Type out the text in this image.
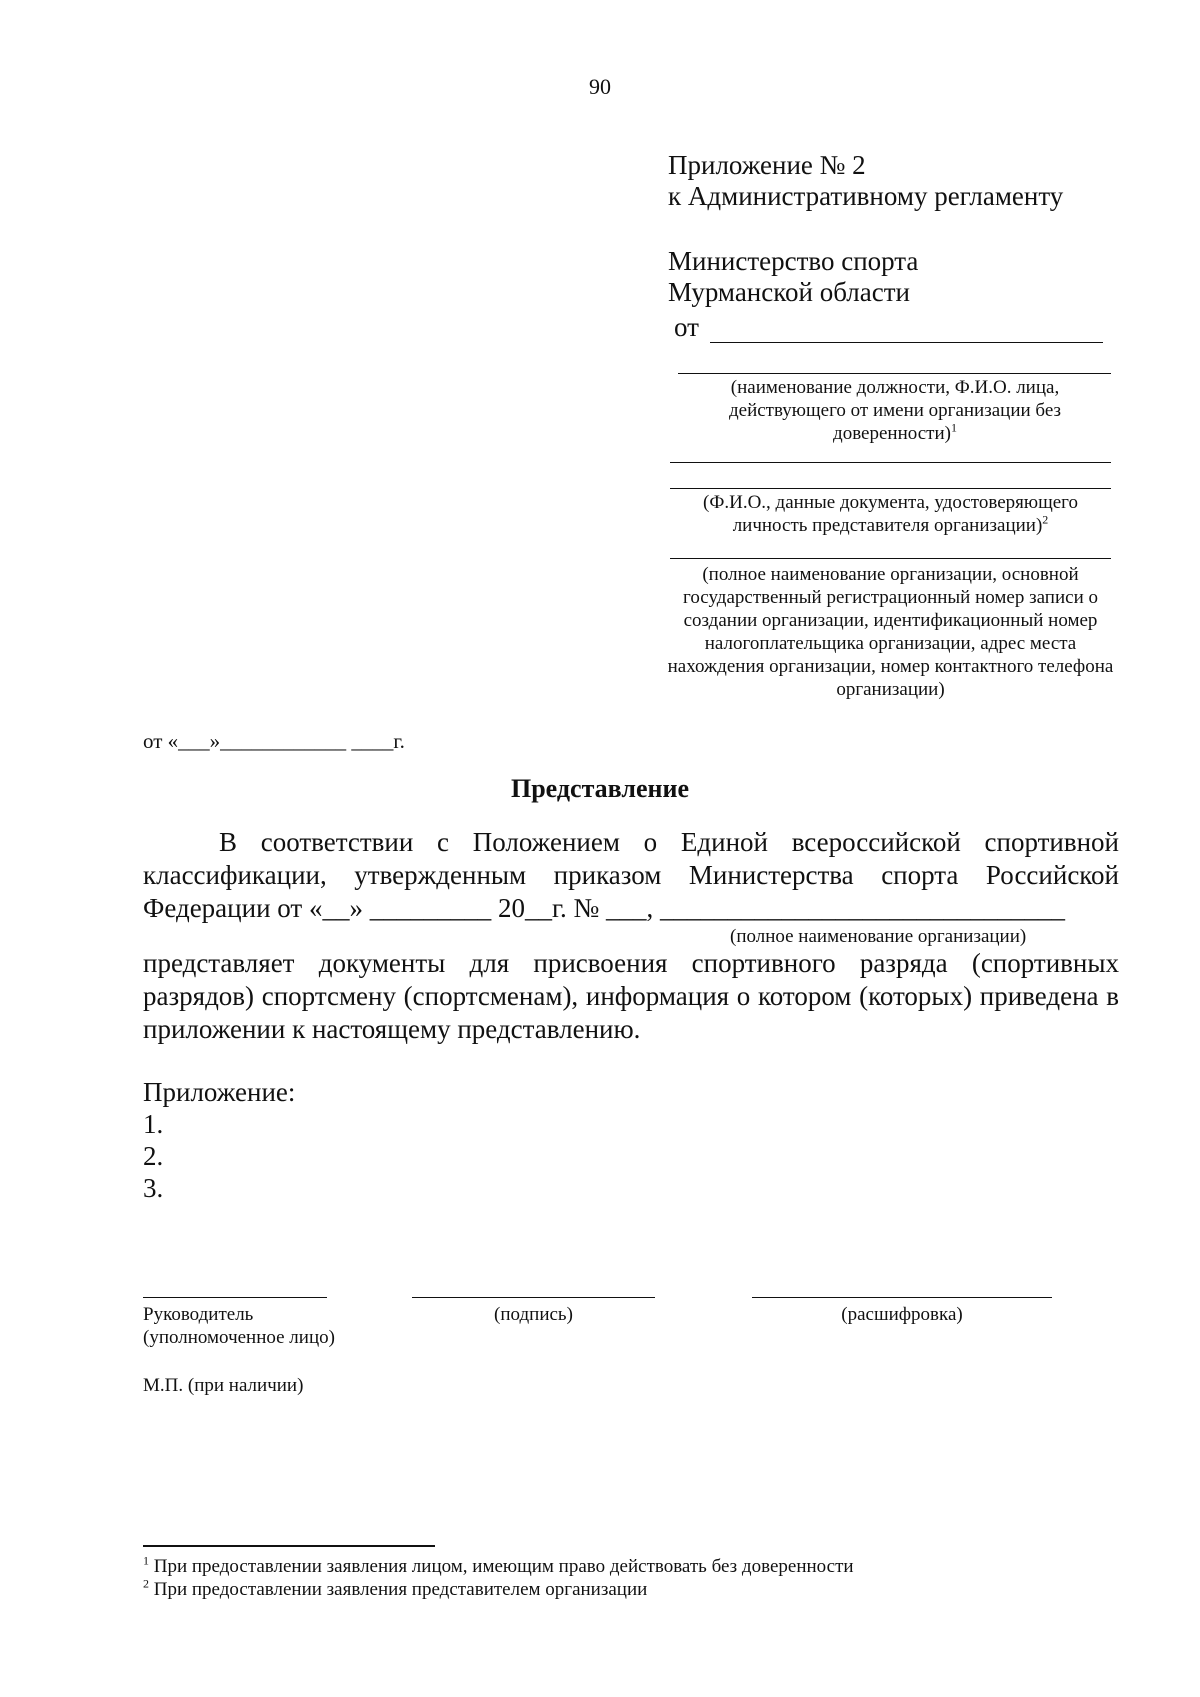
90
Приложение № 2
к Административному регламенту
Министерство спорта
Мурманской области
от
(наименование должности, Ф.И.О. лица, действующего от имени организации без доверенности)$^1$
(Ф.И.О., данные документа, удостоверяющего личность представителя организации)$^2$
(полное наименование организации, основной государственный регистрационный номер записи о создании организации, идентификационный номер налогоплательщика организации, адрес места нахождения организации, номер контактного телефона организации)
от «___»____________ ____г.
Представление
В соответствии с Положением о Единой всероссийской спортивной классификации, утвержденным приказом Министерства спорта Российской Федерации от «__» _________ 20__г. № ___, ______________________________
(полное наименование организации)
представляет документы для присвоения спортивного разряда (спортивных разрядов) спортсмену (спортсменам), информация о котором (которых) приведена в приложении к настоящему представлению.
Приложение:
1.
2.
3.
Руководитель
(уполномоченное лицо)
(подпись)	(расшифровка)
М.П. (при наличии)
$^1$ При предоставлении заявления лицом, имеющим право действовать без доверенности
$^2$ При предоставлении заявления представителем организации
